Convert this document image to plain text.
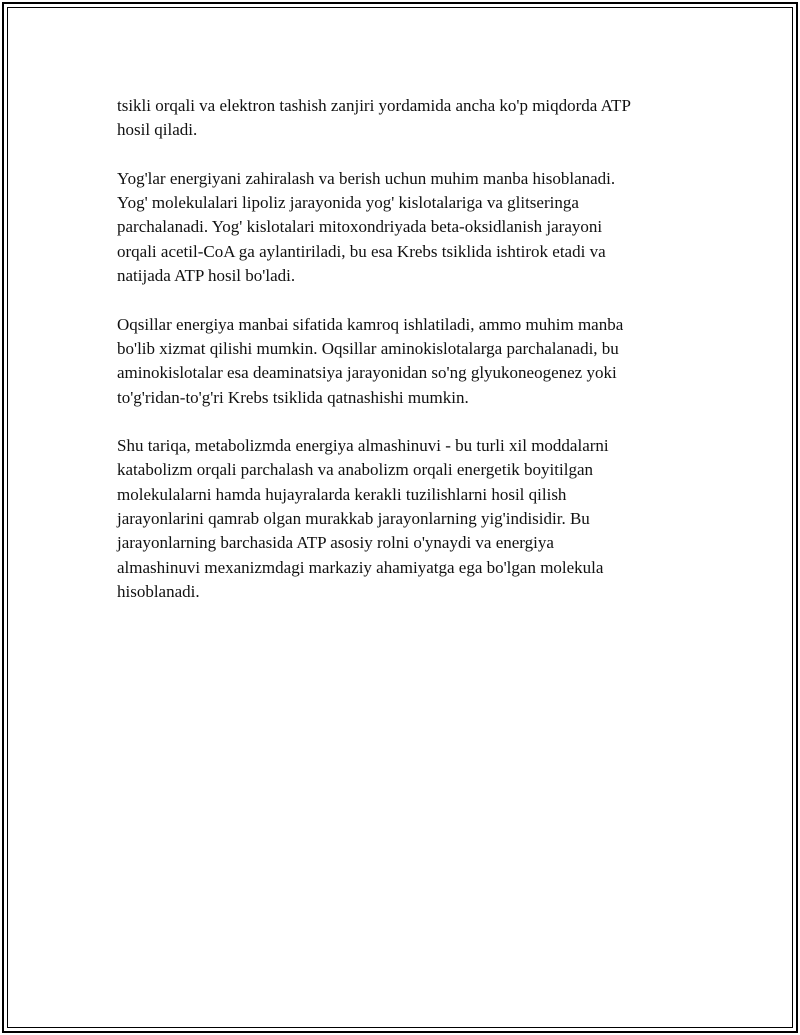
tsikli orqali va elektron tashish zanjiri yordamida ancha ko'p miqdorda ATP
hosil qiladi.

Yog'lar energiyani zahiralash va berish uchun muhim manba hisoblanadi.
Yog' molekulalari lipoliz jarayonida yog' kislotalariga va glitseringa
parchalanadi. Yog' kislotalari mitoxondriyada beta-oksidlanish jarayoni
orqali acetil-CoA ga aylantiriladi, bu esa Krebs tsiklida ishtirok etadi va
natijada ATP hosil bo'ladi.

Oqsillar energiya manbai sifatida kamroq ishlatiladi, ammo muhim manba
bo'lib xizmat qilishi mumkin. Oqsillar aminokislotalarga parchalanadi, bu
aminokislotalar esa deaminatsiya jarayonidan so'ng glyukoneogenez yoki
to'g'ridan-to'g'ri Krebs tsiklida qatnashishi mumkin.

Shu tariqa, metabolizmda energiya almashinuvi - bu turli xil moddalarni
katabolizm orqali parchalash va anabolizm orqali energetik boyitilgan
molekulalarni hamda hujayralarda kerakli tuzilishlarni hosil qilish
jarayonlarini qamrab olgan murakkab jarayonlarning yig'indisidir. Bu
jarayonlarning barchasida ATP asosiy rolni o'ynaydi va energiya
almashinuvi mexanizmdagi markaziy ahamiyatga ega bo'lgan molekula
hisoblanadi.
